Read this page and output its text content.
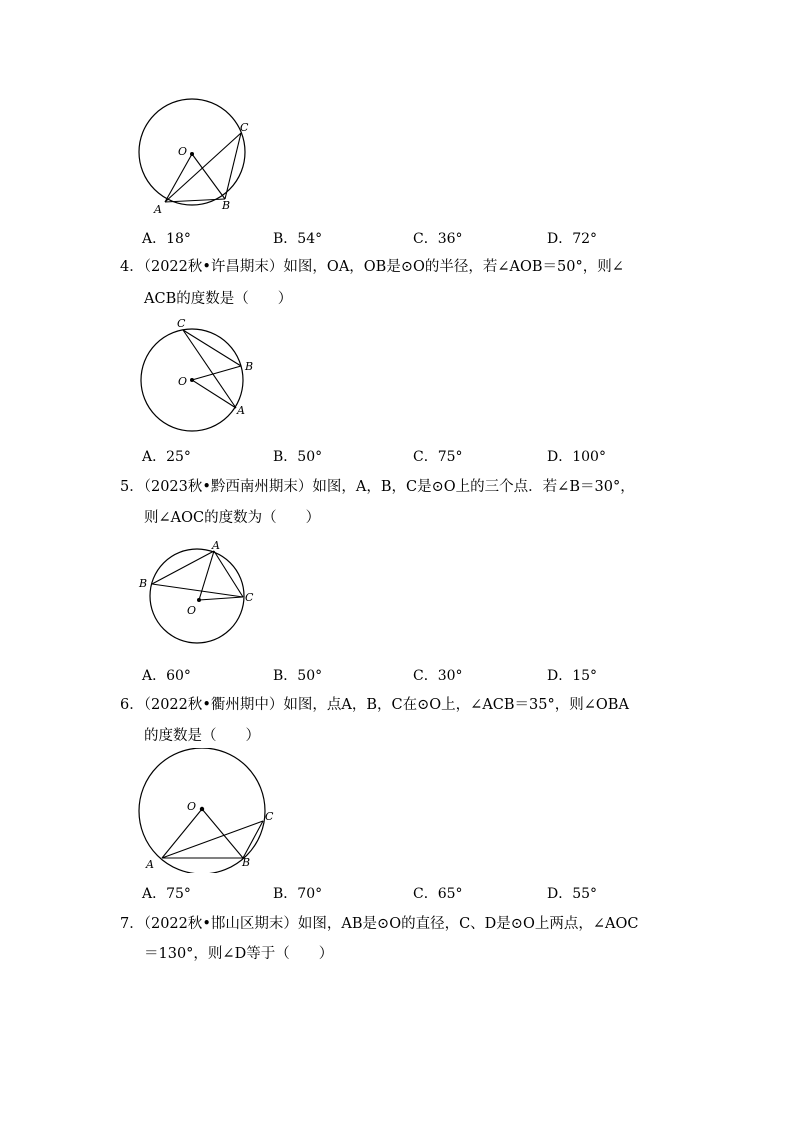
O
A	B
C
A．18°	B．54°	C．36°	D．72°
4．（2022秋•许昌期末）如图，OA，OB是⊙O的半径，若∠AOB＝50°，则∠
ACB的度数是（　　）
O
A
B
C
A．25°	B．50°	C．75°	D．100°
5．（2023秋•黔西南州期末）如图，A，B，C是⊙O上的三个点．若∠B＝30°，
则∠AOC的度数为（　　）
O
A
B
C
A．60°	B．50°	C．30°	D．15°
6．（2022秋•衢州期中）如图，点A，B，C在⊙O上，∠ACB＝35°，则∠OBA
的度数是（　　）
O
A	B
C
A．75°	B．70°	C．65°	D．55°
7．（2022秋•邯山区期末）如图，AB是⊙O的直径，C、D是⊙O上两点，∠AOC
＝130°，则∠D等于（　　）
